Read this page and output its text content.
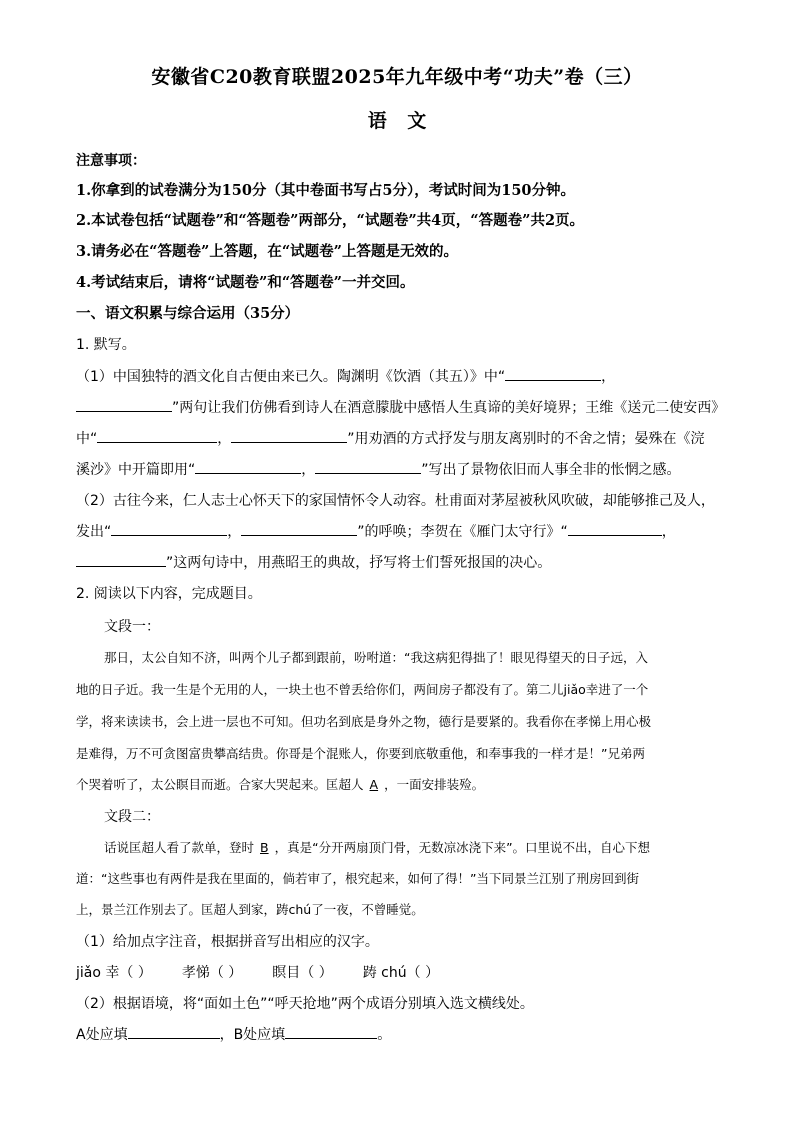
安徽省C20教育联盟2025年九年级中考“功夫”卷（三）
语 文
注意事项：
1.你拿到的试卷满分为150分（其中卷面书写占5分），考试时间为150分钟。
2.本试卷包括“试题卷”和“答题卷”两部分，“试题卷”共4页，“答题卷”共2页。
3.请务必在“答题卷”上答题，在“试题卷”上答题是无效的。
4.考试结束后，请将“试题卷”和“答题卷”一并交回。
一、语文积累与综合运用（35分）
1. 默写。
（1）中国独特的酒文化自古便由来已久。陶渊明《饮酒（其五）》中“	，
”两句让我们仿佛看到诗人在酒意朦胧中感悟人生真谛的美好境界；王维《送元二使安西》
中“	，	”用劝酒的方式抒发与朋友离别时的不舍之情；晏殊在《浣
溪沙》中开篇即用“	，	”写出了景物依旧而人事全非的怅惘之感。
（2）古往今来，仁人志士心怀天下的家国情怀令人动容。杜甫面对茅屋被秋风吹破，却能够推己及人，
发出“	，	”的呼唤；李贺在《雁门太守行》“	，
”这两句诗中，用燕昭王的典故，抒写将士们誓死报国的决心。
2. 阅读以下内容，完成题目。
文段一：
那日，太公自知不济，叫两个儿子都到跟前，吩咐道：“我这病犯得拙了！眼见得望天的日子远，入
地的日子近。我一生是个无用的人，一块土也不曾丢给你们，两间房子都没有了。第二儿jiǎo幸进了一个
学，将来读读书，会上进一层也不可知。但功名到底是身外之物，德行是要紧的。我看你在孝悌上用心极
是难得，万不可贪图富贵攀高结贵。你哥是个混账人，你要到底敬重他，和奉事我的一样才是！”兄弟两
个哭着听了，太公瞑目而逝。合家大哭起来。匡超人 A ，一面安排装殓。
文段二：
话说匡超人看了款单，登时 B ，真是“分开两扇顶门骨，无数凉冰浇下来”。口里说不出，自心下想
道：“这些事也有两件是我在里面的，倘若审了，根究起来，如何了得！”当下同景兰江别了刑房回到街
上，景兰江作别去了。匡超人到家，踌chú了一夜，不曾睡觉。
（1）给加点字注音，根据拼音写出相应的汉字。
jiǎo 幸（ ） 孝悌（ ） 瞑目（ ） 踌 chú（ ）
（2）根据语境，将“面如土色”“呼天抢地”两个成语分别填入选文横线处。
A处应填	，B处应填	。
